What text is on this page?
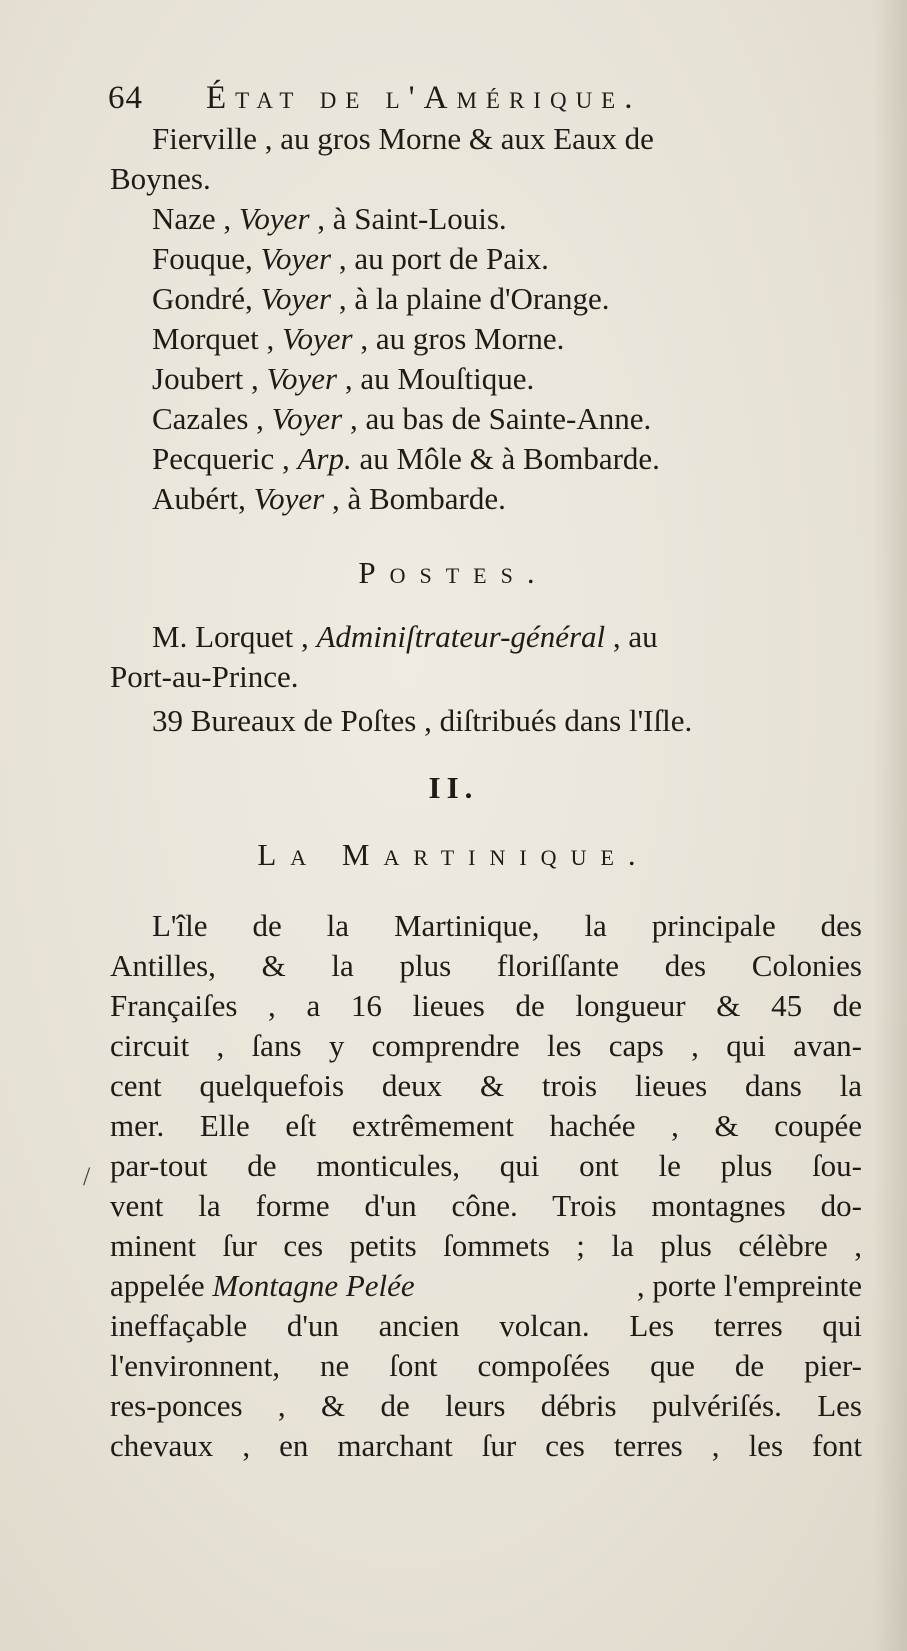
64 État de l'Amérique.
Fierville , au gros Morne & aux Eaux de
Boynes.
Naze , Voyer , à Saint-Louis.
Fouque, Voyer , au port de Paix.
Gondré, Voyer , à la plaine d'Orange.
Morquet , Voyer , au gros Morne.
Joubert , Voyer , au Mouſtique.
Cazales , Voyer , au bas de Sainte-Anne.
Pecqueric , Arp. au Môle & à Bombarde.
Aubért, Voyer , à Bombarde.
Postes.
M. Lorquet , Adminiſtrateur-général , au
Port-au-Prince.
39 Bureaux de Poſtes , diſtribués dans l'Iſle.
II.
La Martinique.
L'île de la Martinique, la principale des
Antilles, & la plus floriſſante des Colonies
Françaiſes , a 16 lieues de longueur & 45 de
circuit , ſans y comprendre les caps , qui avan-
cent quelquefois deux & trois lieues dans la
mer. Elle eſt extrêmement hachée , & coupée
par-tout de monticules, qui ont le plus ſou-
vent la forme d'un cône. Trois montagnes do-
minent ſur ces petits ſommets ; la plus célèbre ,
appelée Montagne Pelée	, porte l'empreinte
ineffaçable d'un ancien volcan. Les terres qui
l'environnent, ne ſont compoſées que de pier-
res-ponces , & de leurs débris pulvériſés. Les
chevaux , en marchant ſur ces terres , les font
/
